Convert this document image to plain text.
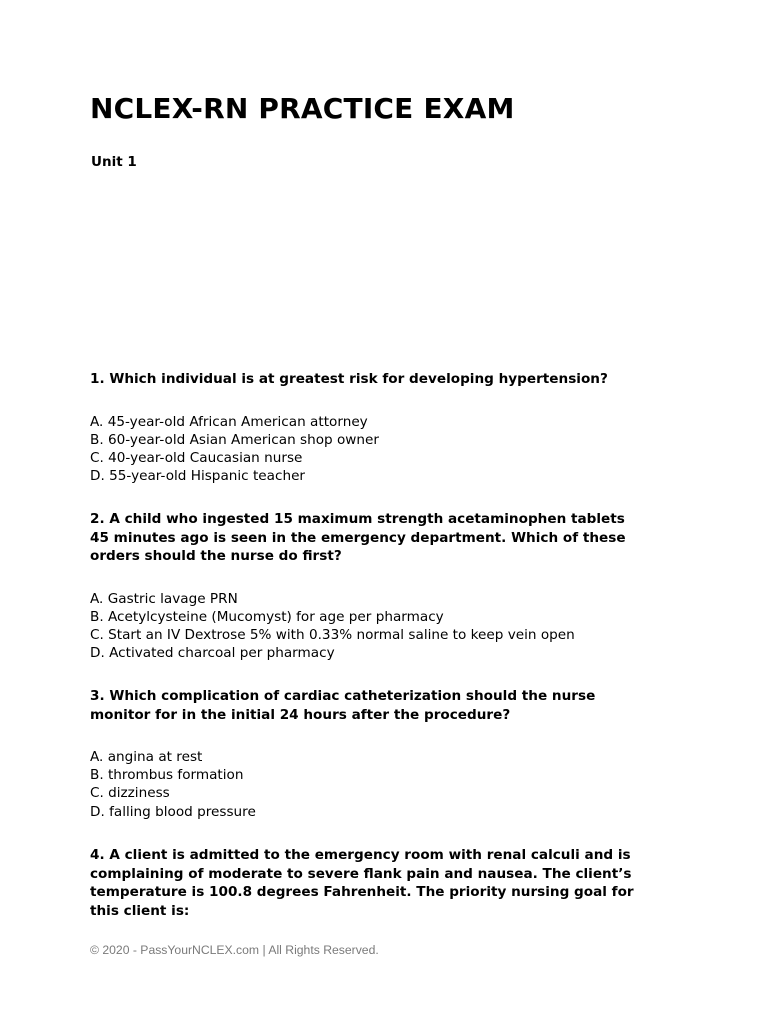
NCLEX-RN PRACTICE EXAM

Unit 1

1. Which individual is at greatest risk for developing hypertension?

A. 45-year-old African American attorney
B. 60-year-old Asian American shop owner
C. 40-year-old Caucasian nurse
D. 55-year-old Hispanic teacher

2. A child who ingested 15 maximum strength acetaminophen tablets
45 minutes ago is seen in the emergency department. Which of these
orders should the nurse do first?

A. Gastric lavage PRN
B. Acetylcysteine (Mucomyst) for age per pharmacy
C. Start an IV Dextrose 5% with 0.33% normal saline to keep vein open
D. Activated charcoal per pharmacy

3. Which complication of cardiac catheterization should the nurse
monitor for in the initial 24 hours after the procedure?

A. angina at rest
B. thrombus formation
C. dizziness
D. falling blood pressure

4. A client is admitted to the emergency room with renal calculi and is
complaining of moderate to severe flank pain and nausea. The client’s
temperature is 100.8 degrees Fahrenheit. The priority nursing goal for
this client is:

© 2020 - PassYourNCLEX.com | All Rights Reserved.
